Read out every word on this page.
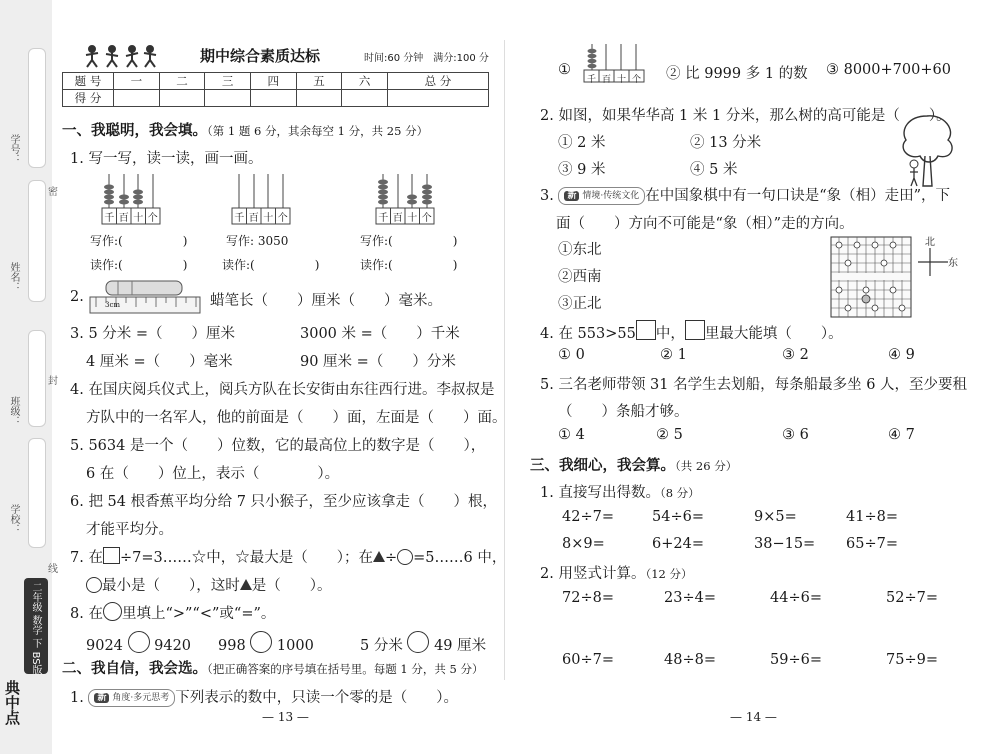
学号：
姓名：
班级：
学校：
密
封
线
二年级 数学 下 BS版
典中点
期中综合素质达标	时间:60 分钟　满分:100 分
题 号	一	二	三	四	五	六	总 分
得 分							
一、我聪明，我会填。（第 1 题 6 分，其余每空 1 分，共 25 分）
1. 写一写，读一读，画一画。
千 百 十 个	千 百 十 个	千 百 十 个
写作:(　　　　　)
读作:(　　　　　)
写作: 3050
读作:(　　　　　)
写作:(　　　　　)
读作:(　　　　　)
2.	3cm	蜡笔长（　　）厘米（　　）毫米。
3. 5 分米 =（　　）厘米	3000 米 =（　　）千米
4 厘米 =（　　）毫米	90 厘米 =（　　）分米
4. 在国庆阅兵仪式上，阅兵方队在长安街由东往西行进。李叔叔是
方队中的一名军人，他的前面是（　　）面，左面是（　　）面。
5. 5634 是一个（　　）位数，它的最高位上的数字是（　　），
6 在（　　）位上，表示（　　　　）。
6. 把 54 根香蕉平均分给 7 只小猴子，至少应该拿走（　　）根，
才能平均分。
7. 在 ÷7=3……☆中，☆最大是（　　）；在 ÷ =5……6 中，
最小是（　　），这时 是（　　）。
8. 在 里填上“>”“<”或“=”。
9024 9420 998 1000	5 分米 49 厘米
二、我自信，我会选。（把正确答案的序号填在括号里。每题 1 分，共 5 分）
1. 新 角度·多元思考 下列表示的数中，只读一个零的是（　　）。
— 13 —
①
千 百 十 个 ② 比 9999 多 1 的数 ③ 8000+700+60
2. 如图，如果华华高 1 米 1 分米，那么树的高可能是（　　）。
① 2 米	② 13 分米
③ 9 米	④ 5 米
3. 新 情境·传统文化 在中国象棋中有一句口诀是“象（相）走田”，下
面（　　）方向不可能是“象（相）”走的方向。
①东北
②西南
③正北
北
东
4. 在 553>55 中， 里最大能填（　　）。
① 0	② 1	③ 2	④ 9
5. 三名老师带领 31 名学生去划船，每条船最多坐 6 人，至少要租
（　　）条船才够。
① 4	② 5	③ 6	④ 7
三、我细心，我会算。（共 26 分）
1. 直接写出得数。（8 分）
42÷7=	54÷6=	9×5=	41÷8=
8×9=	6+24=	38−15= 65÷7=
2. 用竖式计算。（12 分）
72÷8=	23÷4=	44÷6=	52÷7=
60÷7=	48÷8=	59÷6=	75÷9=
— 14 —
